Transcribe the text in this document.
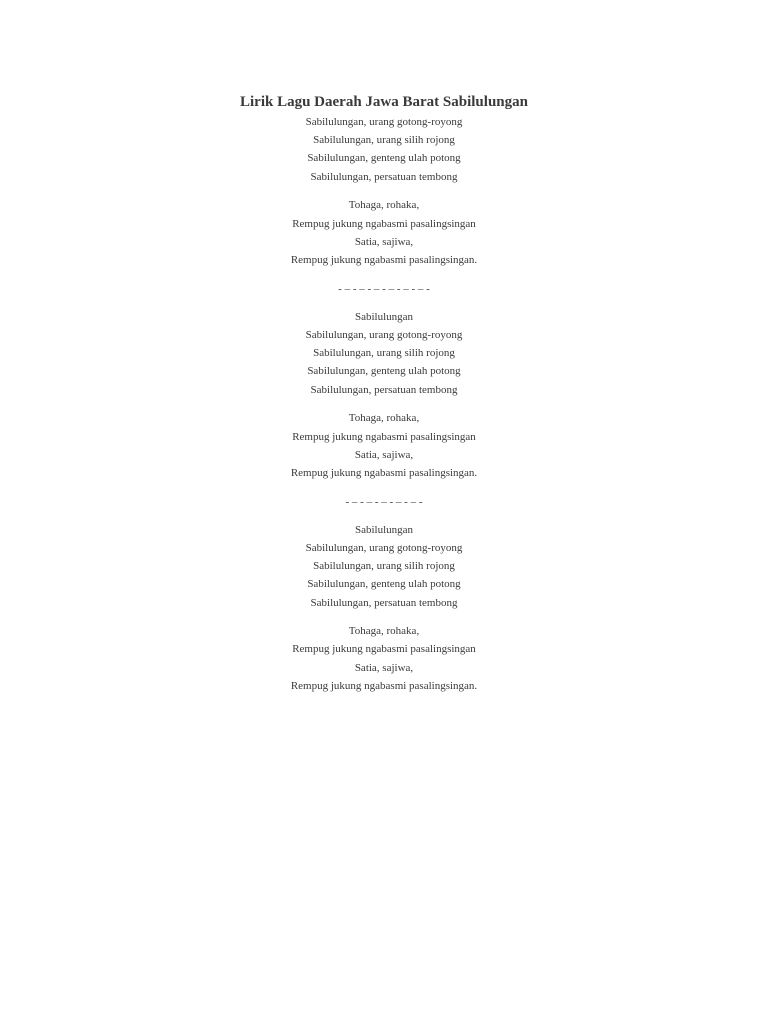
Lirik Lagu Daerah Jawa Barat Sabilulungan
Sabilulungan, urang gotong-royong
Sabilulungan, urang silih rojong
Sabilulungan, genteng ulah potong
Sabilulungan, persatuan tembong
Tohaga, rohaka,
Rempug jukung ngabasmi pasalingsingan
Satia, sajiwa,
Rempug jukung ngabasmi pasalingsingan.
- – - – - – - – - – - – -
Sabilulungan
Sabilulungan, urang gotong-royong
Sabilulungan, urang silih rojong
Sabilulungan, genteng ulah potong
Sabilulungan, persatuan tembong
Tohaga, rohaka,
Rempug jukung ngabasmi pasalingsingan
Satia, sajiwa,
Rempug jukung ngabasmi pasalingsingan.
- – - – - – - – - – -
Sabilulungan
Sabilulungan, urang gotong-royong
Sabilulungan, urang silih rojong
Sabilulungan, genteng ulah potong
Sabilulungan, persatuan tembong
Tohaga, rohaka,
Rempug jukung ngabasmi pasalingsingan
Satia, sajiwa,
Rempug jukung ngabasmi pasalingsingan.
